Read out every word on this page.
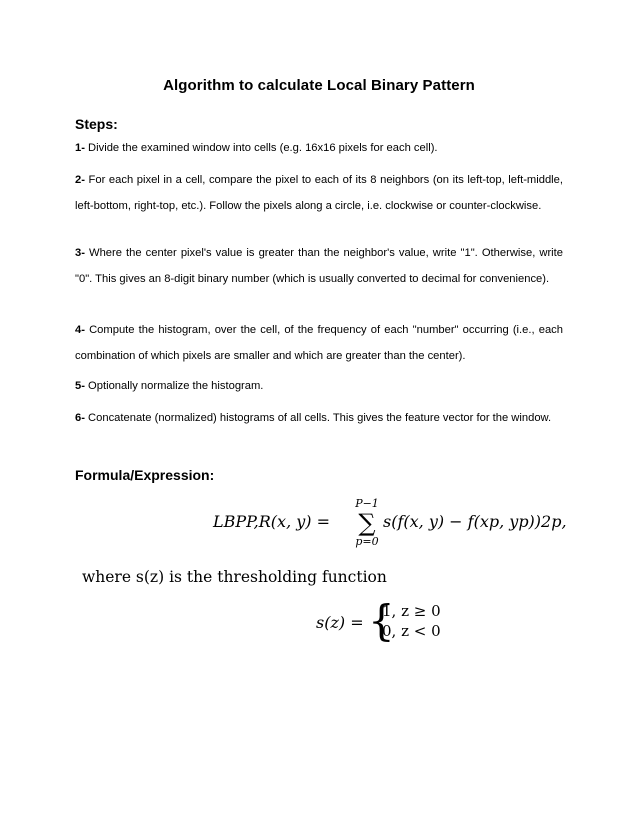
Algorithm to calculate Local Binary Pattern
Steps:
1- Divide the examined window into cells (e.g. 16x16 pixels for each cell).
2- For each pixel in a cell, compare the pixel to each of its 8 neighbors (on its left-top, left-middle, left-bottom, right-top, etc.). Follow the pixels along a circle, i.e. clockwise or counter-clockwise.
3- Where the center pixel's value is greater than the neighbor's value, write "1". Otherwise, write "0". This gives an 8-digit binary number (which is usually converted to decimal for convenience).
4- Compute the histogram, over the cell, of the frequency of each "number" occurring (i.e., each combination of which pixels are smaller and which are greater than the center).
5- Optionally normalize the histogram.
6- Concatenate (normalized) histograms of all cells. This gives the feature vector for the window.
Formula/Expression:
LBPP,R(x, y) =
P−1
∑
p=0
s(f(x, y) − f(xp, yp))2p,
where s(z) is the thresholding function
s(z) = {
1, z ≥ 0
0, z < 0
